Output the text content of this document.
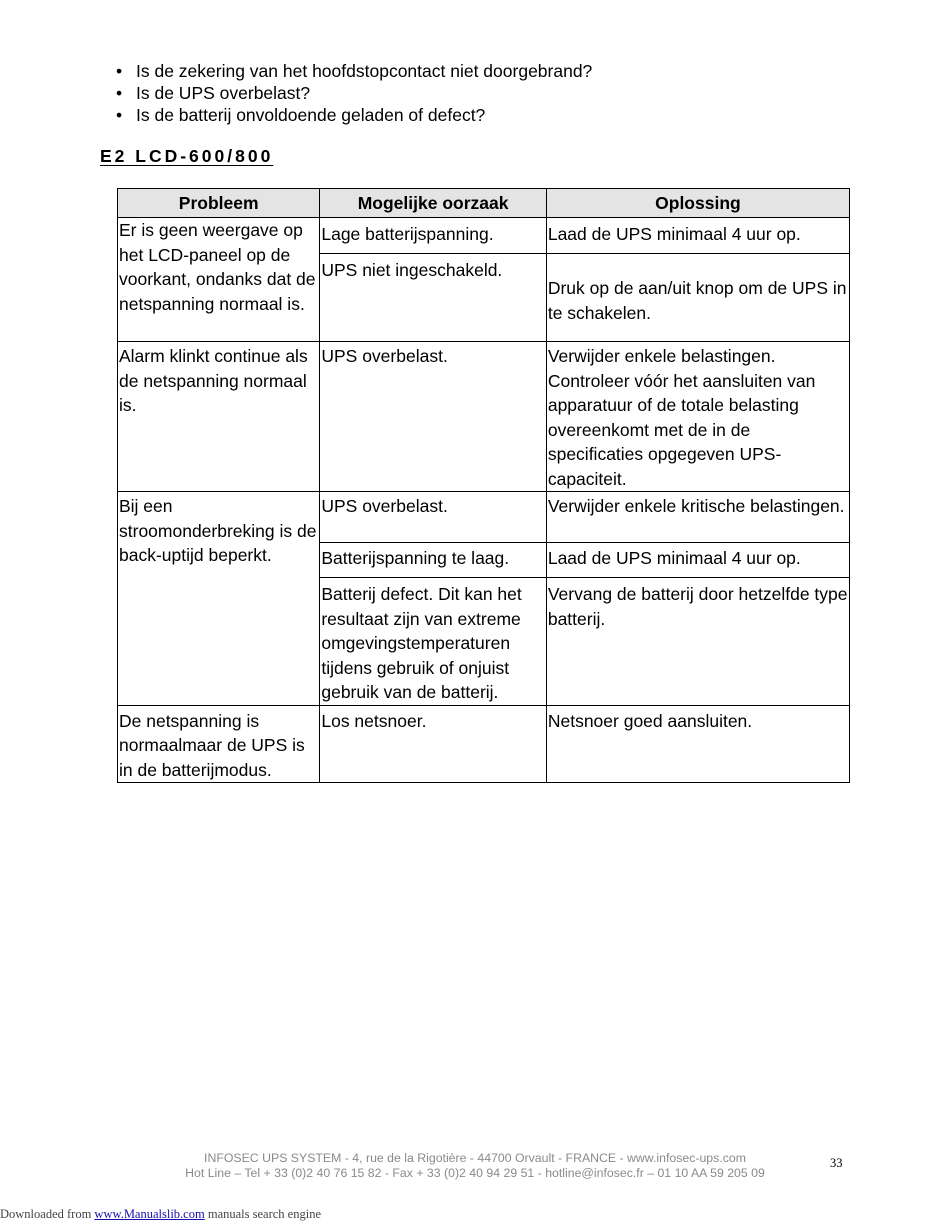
• Is de zekering van het hoofdstopcontact niet doorgebrand?
• Is de UPS overbelast?
• Is de batterij onvoldoende geladen of defect?
E2 LCD-600/800
Probleem	Mogelijke oorzaak	Oplossing
Er is geen weergave op het LCD-paneel op de voorkant, ondanks dat de netspanning normaal is.	Lage batterijspanning.	Laad de UPS minimaal 4 uur op.
	UPS niet ingeschakeld.	Druk op de aan/uit knop om de UPS in te schakelen.
Alarm klinkt continue als de netspanning normaal is.	UPS overbelast.	Verwijder enkele belastingen. Controleer vóór het aansluiten van apparatuur of de totale belasting overeenkomt met de in de specificaties opgegeven UPS-capaciteit.
Bij een stroomonderbreking is de back-uptijd beperkt.	UPS overbelast.	Verwijder enkele kritische belastingen.
	Batterijspanning te laag.	Laad de UPS minimaal 4 uur op.
	Batterij defect. Dit kan het resultaat zijn van extreme omgevingstemperaturen tijdens gebruik of onjuist gebruik van de batterij.	Vervang de batterij door hetzelfde type batterij.
De netspanning is normaalmaar de UPS is in de batterijmodus.	Los netsnoer.	Netsnoer goed aansluiten.
INFOSEC UPS SYSTEM - 4, rue de la Rigotière - 44700 Orvault - FRANCE - www.infosec-ups.com
Hot Line – Tel + 33 (0)2 40 76 15 82 - Fax + 33 (0)2 40 94 29 51 - hotline@infosec.fr – 01 10 AA 59 205 09
33
Downloaded from www.Manualslib.com manuals search engine
